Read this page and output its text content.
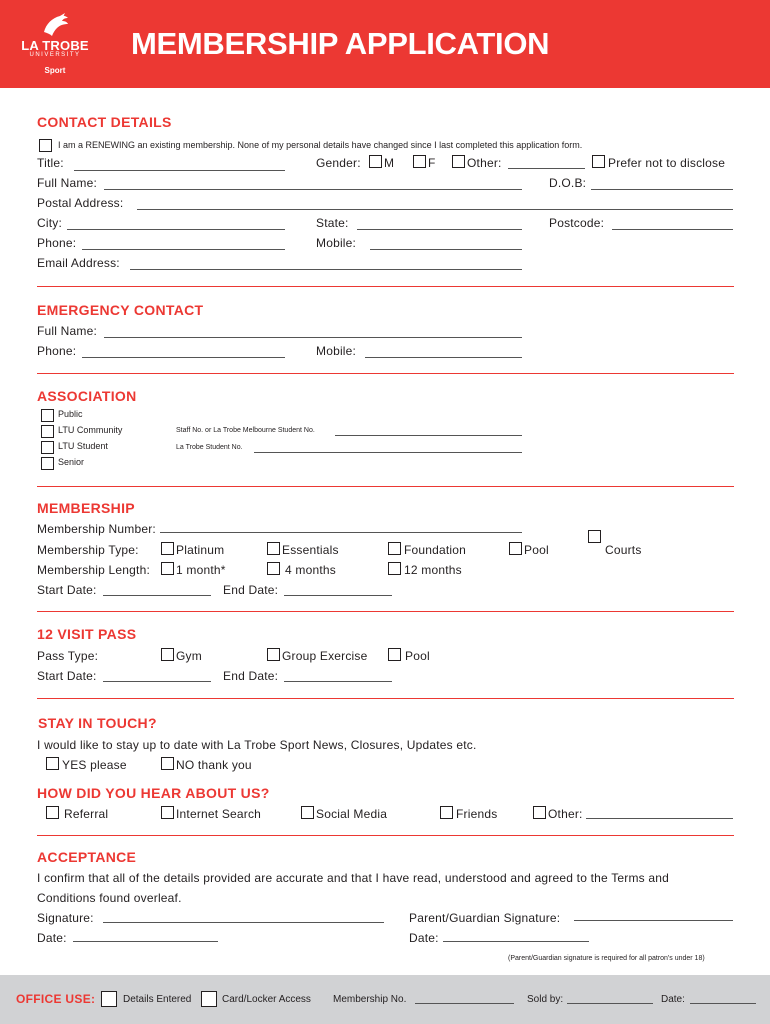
LA TROBE
UNIVERSITY
Sport
MEMBERSHIP APPLICATION
CONTACT DETAILS
I am a RENEWING an existing membership. None of my personal details have changed since I last completed this application form.
Title:	Gender: M	F	Other:	Prefer not to disclose
Full Name:	D.O.B:
Postal Address:
City:	State:	Postcode:
Phone:	Mobile:
Email Address:
EMERGENCY CONTACT
Full Name:
Phone:	Mobile:
ASSOCIATION
Public
LTU Community
LTU Student
Senior
Staff No. or La Trobe Melbourne Student No.
La Trobe Student No.
MEMBERSHIP
Membership Number:
Membership Type:	Platinum	Essentials	Foundation	Pool	Courts
Membership Length: 1 month*	4 months	12 months
Start Date:	End Date:
12 VISIT PASS
Pass Type:	Gym	Group Exercise	Pool
Start Date:	End Date:
STAY IN TOUCH?
I would like to stay up to date with La Trobe Sport News, Closures, Updates etc.
YES please	NO thank you
HOW DID YOU HEAR ABOUT US?
Referral	Internet Search	Social Media	Friends	Other:
ACCEPTANCE
I confirm that all of the details provided are accurate and that I have read, understood and agreed to the Terms and
Conditions found overleaf.
Signature:	Parent/Guardian Signature:
Date:	Date:
(Parent/Guardian signature is required for all patron's under 18)
OFFICE USE:	Details Entered	Card/Locker Access Membership No.	Sold by:	Date:
